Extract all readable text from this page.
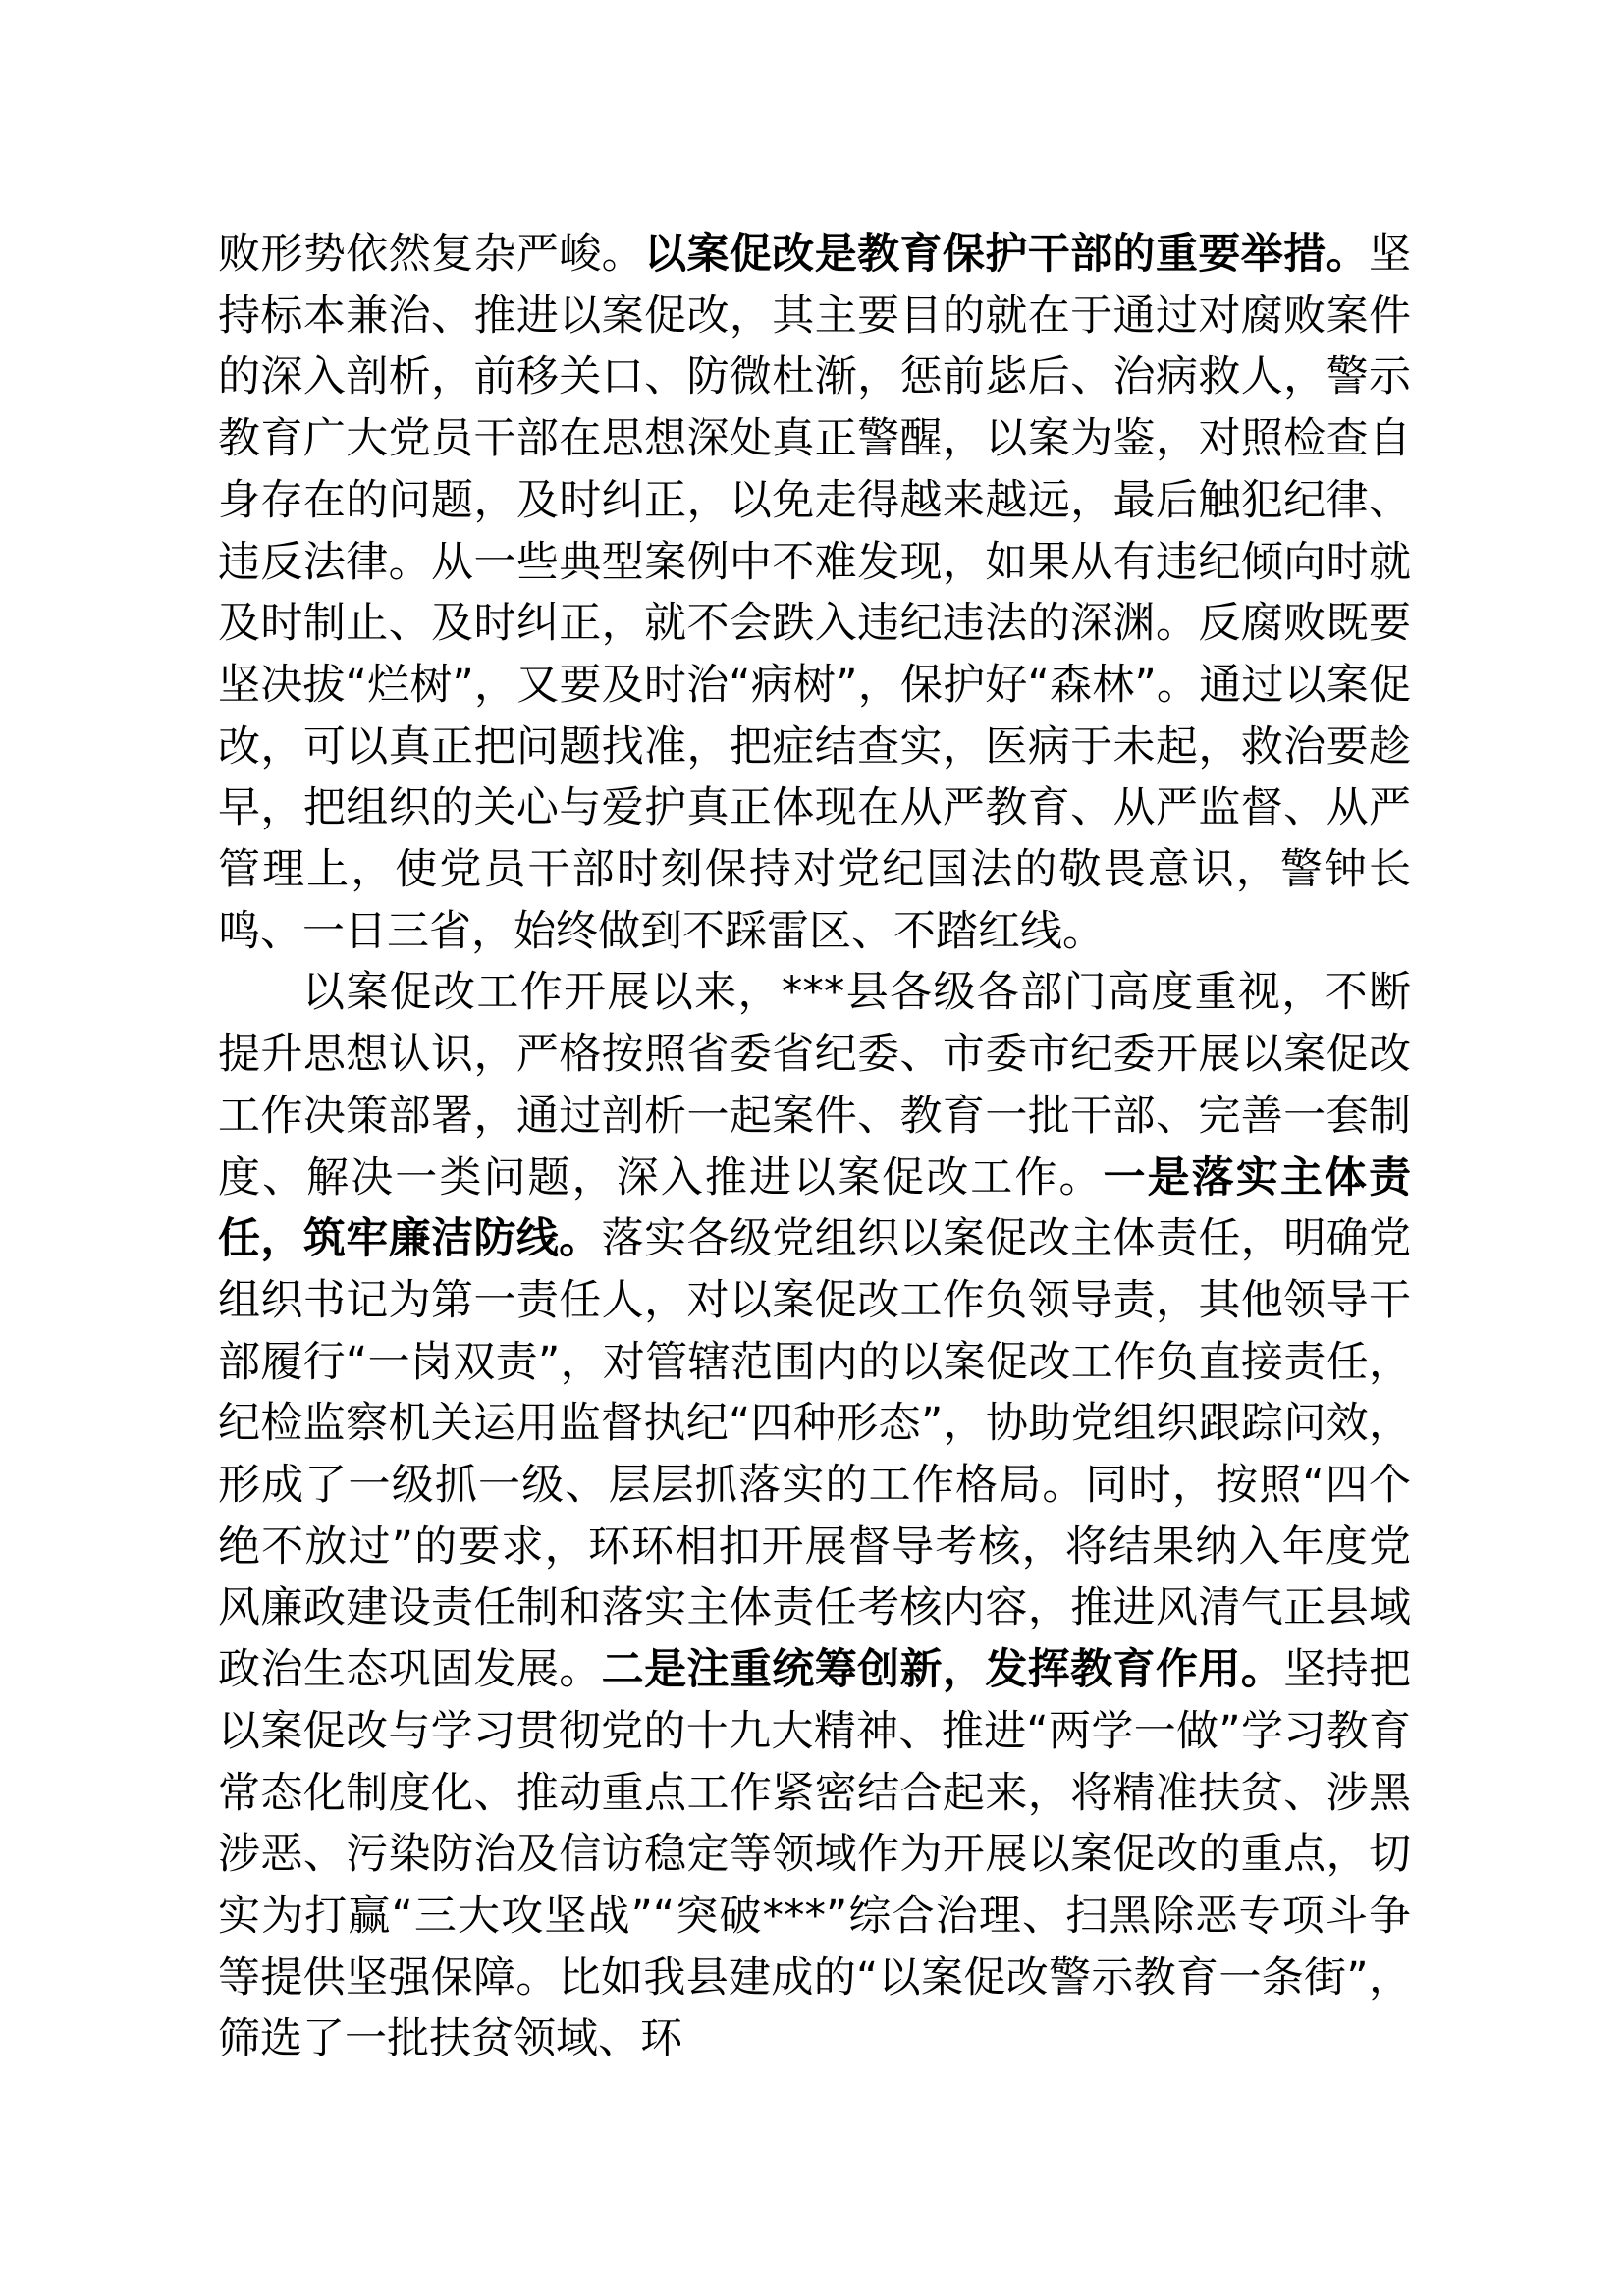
败形势依然复杂严峻。以案促改是教育保护干部的重要举措。坚持标本兼治、推进以案促改，其主要目的就在于通过对腐败案件的深入剖析，前移关口、防微杜渐，惩前毖后、治病救人，警示教育广大党员干部在思想深处真正警醒，以案为鉴，对照检查自身存在的问题，及时纠正，以免走得越来越远，最后触犯纪律、违反法律。从一些典型案例中不难发现，如果从有违纪倾向时就及时制止、及时纠正，就不会跌入违纪违法的深渊。反腐败既要坚决拔“烂树”，又要及时治“病树”，保护好“森林”。通过以案促改，可以真正把问题找准，把症结查实，医病于未起，救治要趁早，把组织的关心与爱护真正体现在从严教育、从严监督、从严管理上，使党员干部时刻保持对党纪国法的敬畏意识，警钟长鸣、一日三省，始终做到不踩雷区、不踏红线。

以案促改工作开展以来，***县各级各部门高度重视，不断提升思想认识，严格按照省委省纪委、市委市纪委开展以案促改工作决策部署，通过剖析一起案件、教育一批干部、完善一套制度、解决一类问题，深入推进以案促改工作。一是落实主体责任，筑牢廉洁防线。落实各级党组织以案促改主体责任，明确党组织书记为第一责任人，对以案促改工作负领导责，其他领导干部履行“一岗双责”，对管辖范围内的以案促改工作负直接责任，纪检监察机关运用监督执纪“四种形态”，协助党组织跟踪问效，形成了一级抓一级、层层抓落实的工作格局。同时，按照“四个绝不放过”的要求，环环相扣开展督导考核，将结果纳入年度党风廉政建设责任制和落实主体责任考核内容，推进风清气正县域政治生态巩固发展。二是注重统筹创新，发挥教育作用。坚持把以案促改与学习贯彻党的十九大精神、推进“两学一做”学习教育常态化制度化、推动重点工作紧密结合起来，将精准扶贫、涉黑涉恶、污染防治及信访稳定等领域作为开展以案促改的重点，切实为打赢“三大攻坚战”“突破***”综合治理、扫黑除恶专项斗争等提供坚强保障。比如我县建成的“以案促改警示教育一条街”，筛选了一批扶贫领域、环
